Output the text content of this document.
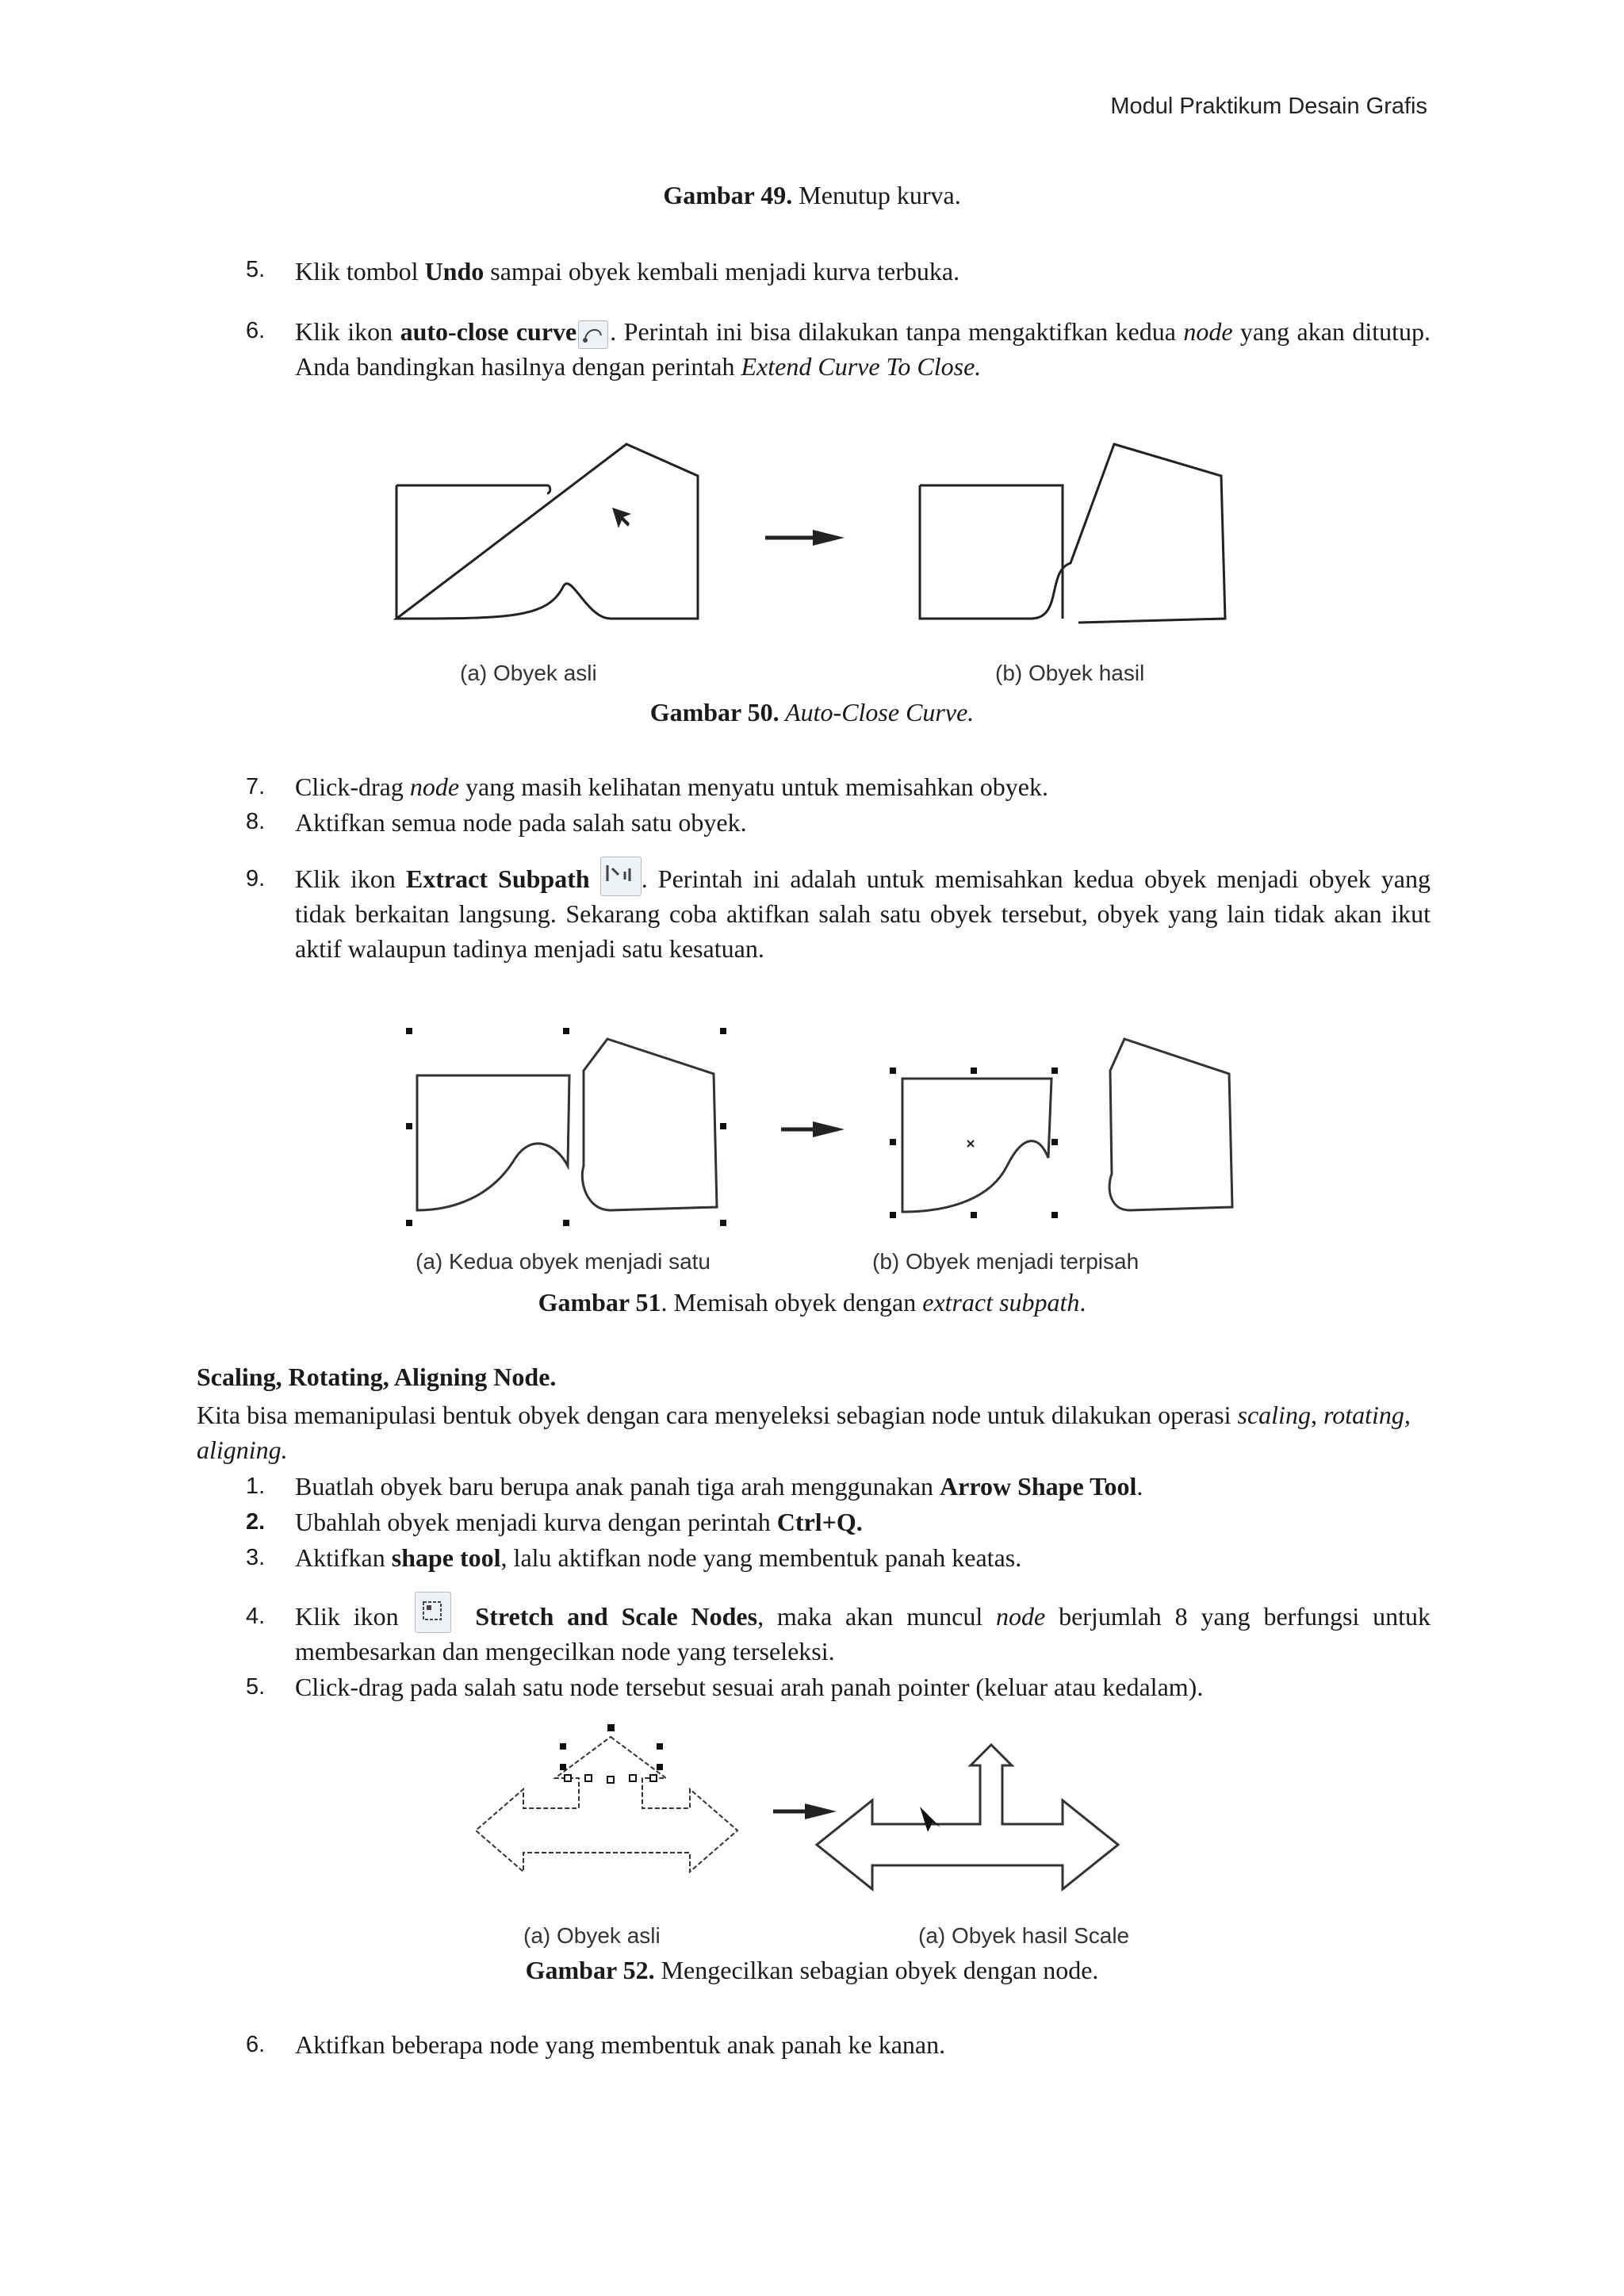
Modul Praktikum Desain Grafis
Gambar 49. Menutup kurva.
5. Klik tombol Undo sampai obyek kembali menjadi kurva terbuka.
6. Klik ikon auto-close curve . Perintah ini bisa dilakukan tanpa mengaktifkan kedua node yang akan ditutup. Anda bandingkan hasilnya dengan perintah Extend Curve To Close.
(a) Obyek asli	(b) Obyek hasil
Gambar 50. Auto-Close Curve.
7. Click-drag node yang masih kelihatan menyatu untuk memisahkan obyek.
8. Aktifkan semua node pada salah satu obyek.
9. Klik ikon Extract Subpath . Perintah ini adalah untuk memisahkan kedua obyek menjadi obyek yang tidak berkaitan langsung. Sekarang coba aktifkan salah satu obyek tersebut, obyek yang lain tidak akan ikut aktif walaupun tadinya menjadi satu kesatuan.
(a) Kedua obyek menjadi satu	(b) Obyek menjadi terpisah
Gambar 51. Memisah obyek dengan extract subpath.
Scaling, Rotating, Aligning Node.
Kita bisa memanipulasi bentuk obyek dengan cara menyeleksi sebagian node untuk dilakukan operasi scaling, rotating, aligning.
1. Buatlah obyek baru berupa anak panah tiga arah menggunakan Arrow Shape Tool.
2. Ubahlah obyek menjadi kurva dengan perintah Ctrl+Q.
3. Aktifkan shape tool, lalu aktifkan node yang membentuk panah keatas.
4. Klik ikon	Stretch and Scale Nodes, maka akan muncul node berjumlah 8 yang berfungsi untuk membesarkan dan mengecilkan node yang terseleksi.
5. Click-drag pada salah satu node tersebut sesuai arah panah pointer (keluar atau kedalam).
(a) Obyek asli	(a) Obyek hasil Scale
Gambar 52. Mengecilkan sebagian obyek dengan node.
6. Aktifkan beberapa node yang membentuk anak panah ke kanan.
